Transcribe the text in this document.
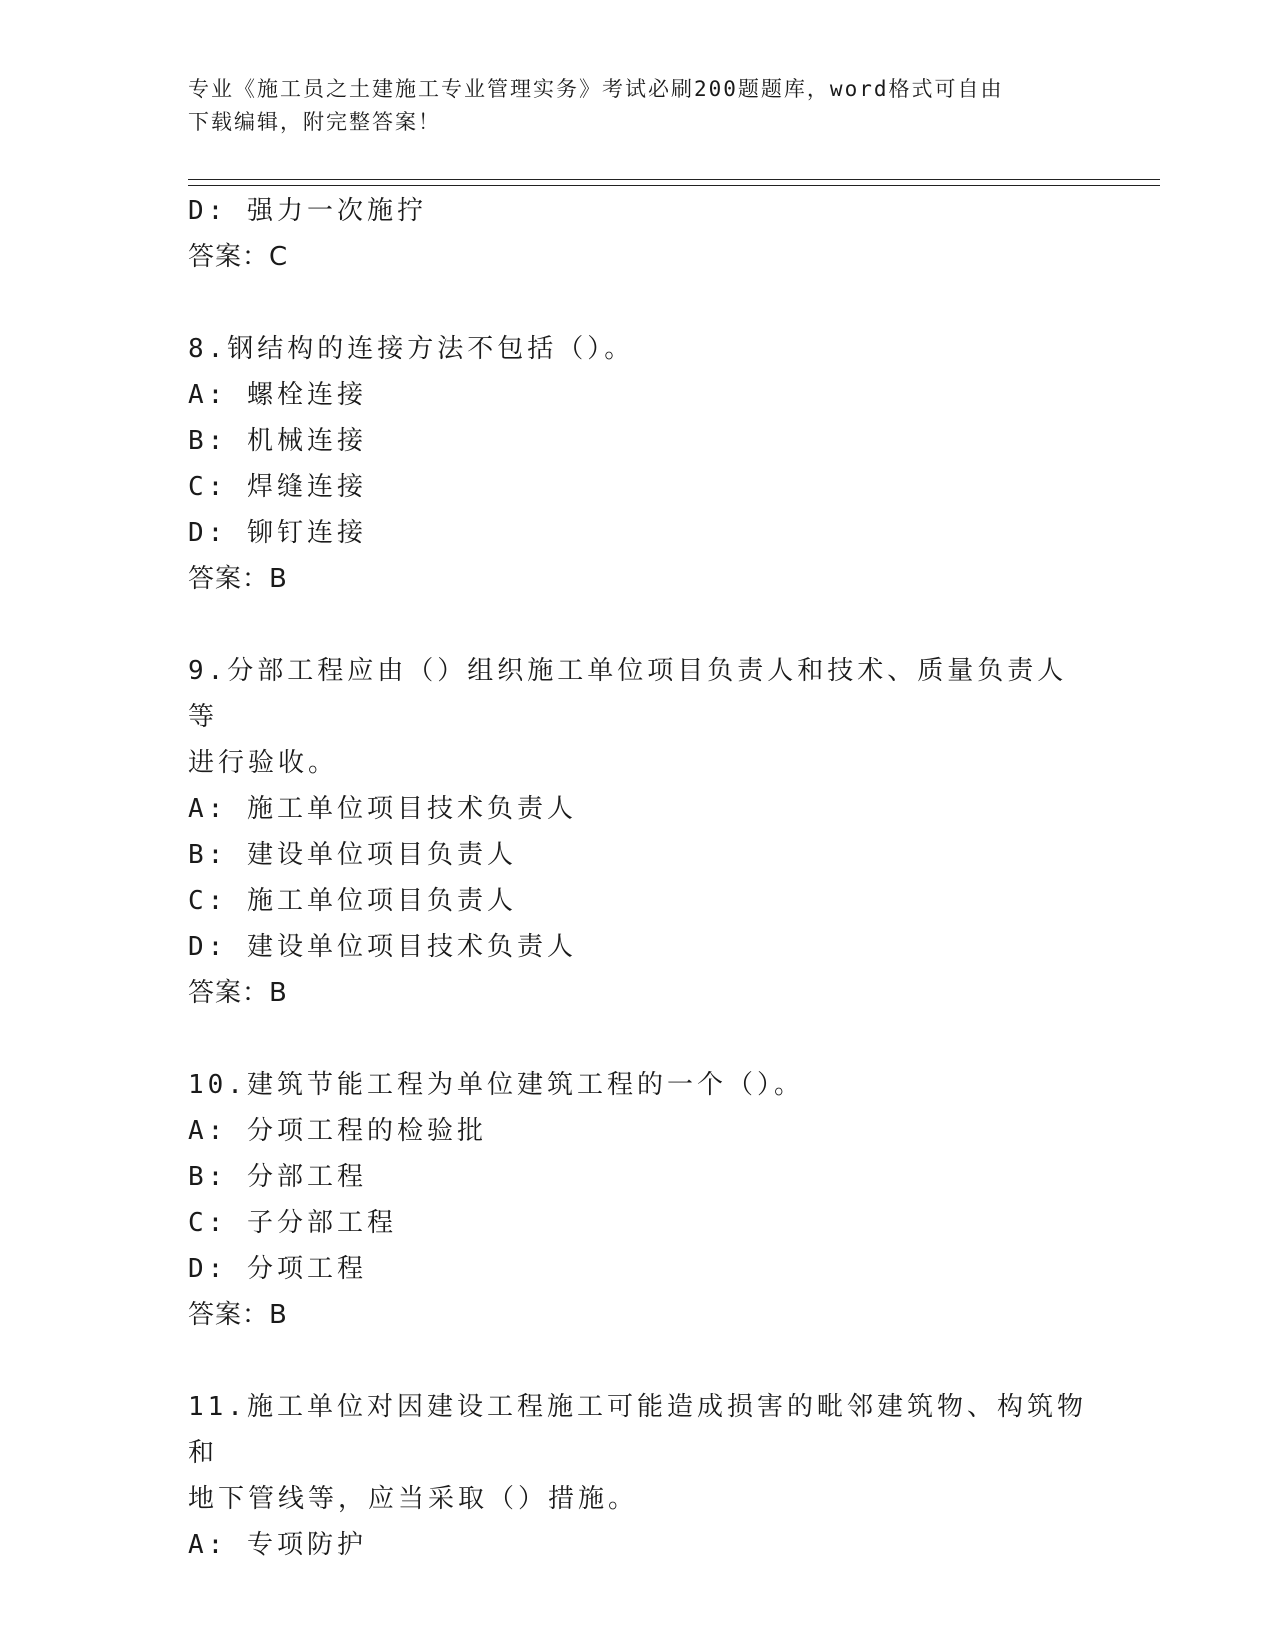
专业《施工员之土建施工专业管理实务》考试必刷200题题库，word格式可自由
下载编辑，附完整答案！
D: 强力一次施拧
答案：C
8.钢结构的连接方法不包括（）。
A: 螺栓连接
B: 机械连接
C: 焊缝连接
D: 铆钉连接
答案：B
9.分部工程应由（）组织施工单位项目负责人和技术、质量负责人等
进行验收。
A: 施工单位项目技术负责人
B: 建设单位项目负责人
C: 施工单位项目负责人
D: 建设单位项目技术负责人
答案：B
10.建筑节能工程为单位建筑工程的一个（）。
A: 分项工程的检验批
B: 分部工程
C: 子分部工程
D: 分项工程
答案：B
11.施工单位对因建设工程施工可能造成损害的毗邻建筑物、构筑物和
地下管线等，应当采取（）措施。
A: 专项防护
